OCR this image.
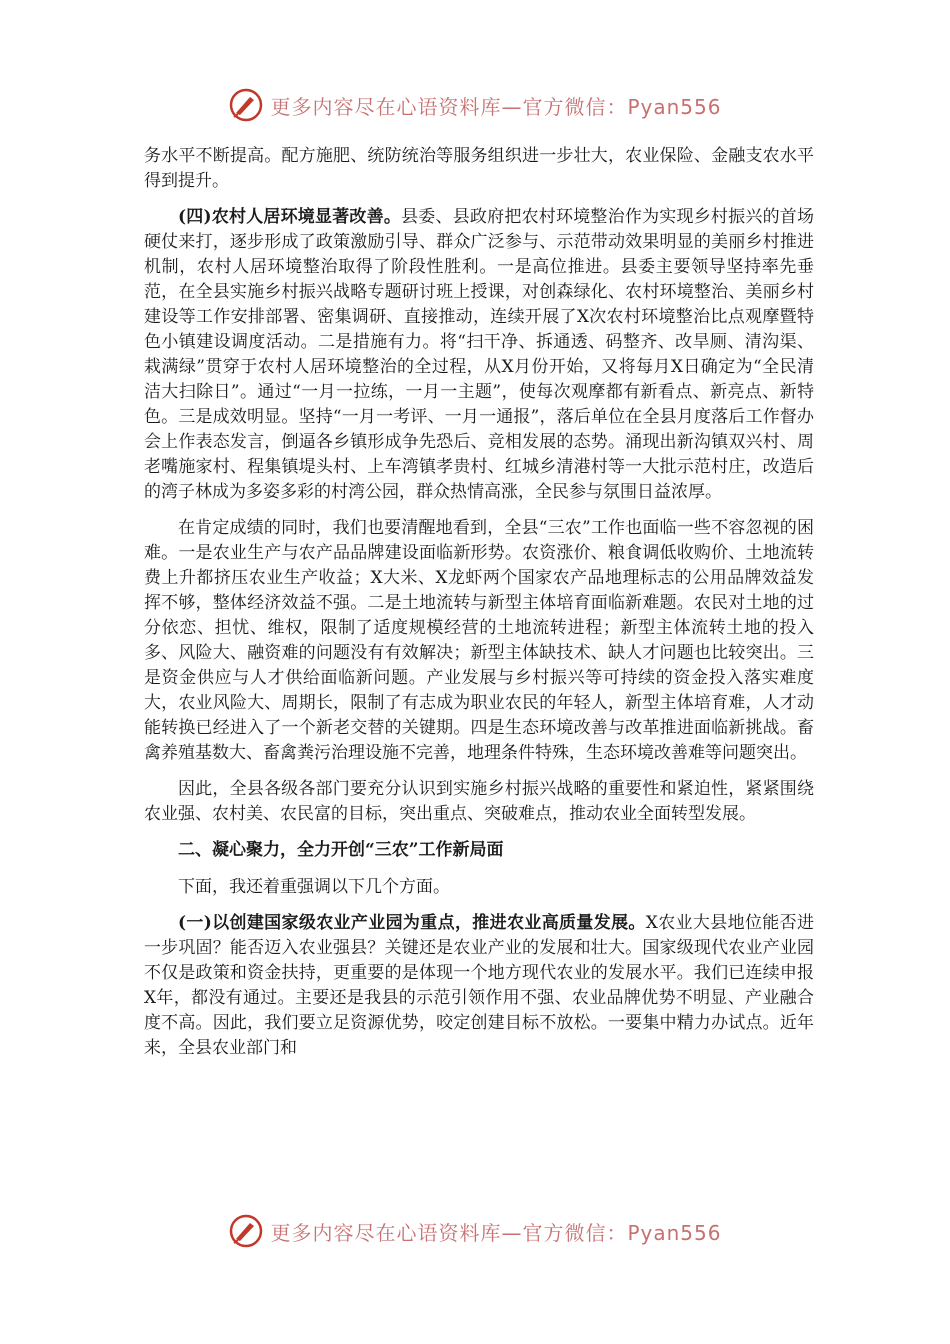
更多内容尽在心语资料库—官方微信：Pyan556

务水平不断提高。配方施肥、统防统治等服务组织进一步壮大，农业保险、金融支农水平得到提升。

(四)农村人居环境显著改善。县委、县政府把农村环境整治作为实现乡村振兴的首场硬仗来打，逐步形成了政策激励引导、群众广泛参与、示范带动效果明显的美丽乡村推进机制，农村人居环境整治取得了阶段性胜利。一是高位推进。县委主要领导坚持率先垂范，在全县实施乡村振兴战略专题研讨班上授课，对创森绿化、农村环境整治、美丽乡村建设等工作安排部署、密集调研、直接推动，连续开展了X次农村环境整治比点观摩暨特色小镇建设调度活动。二是措施有力。将“扫干净、拆通透、码整齐、改旱厕、清沟渠、栽满绿”贯穿于农村人居环境整治的全过程，从X月份开始，又将每月X日确定为“全民清洁大扫除日”。通过“一月一拉练，一月一主题”，使每次观摩都有新看点、新亮点、新特色。三是成效明显。坚持“一月一考评、一月一通报”，落后单位在全县月度落后工作督办会上作表态发言，倒逼各乡镇形成争先恐后、竞相发展的态势。涌现出新沟镇双兴村、周老嘴施家村、程集镇堤头村、上车湾镇孝贵村、红城乡清港村等一大批示范村庄，改造后的湾子林成为多姿多彩的村湾公园，群众热情高涨，全民参与氛围日益浓厚。

在肯定成绩的同时，我们也要清醒地看到，全县“三农”工作也面临一些不容忽视的困难。一是农业生产与农产品品牌建设面临新形势。农资涨价、粮食调低收购价、土地流转费上升都挤压农业生产收益；X大米、X龙虾两个国家农产品地理标志的公用品牌效益发挥不够，整体经济效益不强。二是土地流转与新型主体培育面临新难题。农民对土地的过分依恋、担忧、维权，限制了适度规模经营的土地流转进程；新型主体流转土地的投入多、风险大、融资难的问题没有有效解决；新型主体缺技术、缺人才问题也比较突出。三是资金供应与人才供给面临新问题。产业发展与乡村振兴等可持续的资金投入落实难度大，农业风险大、周期长，限制了有志成为职业农民的年轻人，新型主体培育难，人才动能转换已经进入了一个新老交替的关键期。四是生态环境改善与改革推进面临新挑战。畜禽养殖基数大、畜禽粪污治理设施不完善，地理条件特殊，生态环境改善难等问题突出。

因此，全县各级各部门要充分认识到实施乡村振兴战略的重要性和紧迫性，紧紧围绕农业强、农村美、农民富的目标，突出重点、突破难点，推动农业全面转型发展。

二、凝心聚力，全力开创“三农”工作新局面

下面，我还着重强调以下几个方面。

(一)以创建国家级农业产业园为重点，推进农业高质量发展。X农业大县地位能否进一步巩固？能否迈入农业强县？关键还是农业产业的发展和壮大。国家级现代农业产业园不仅是政策和资金扶持，更重要的是体现一个地方现代农业的发展水平。我们已连续申报X年，都没有通过。主要还是我县的示范引领作用不强、农业品牌优势不明显、产业融合度不高。因此，我们要立足资源优势，咬定创建目标不放松。一要集中精力办试点。近年来，全县农业部门和

更多内容尽在心语资料库—官方微信：Pyan556
